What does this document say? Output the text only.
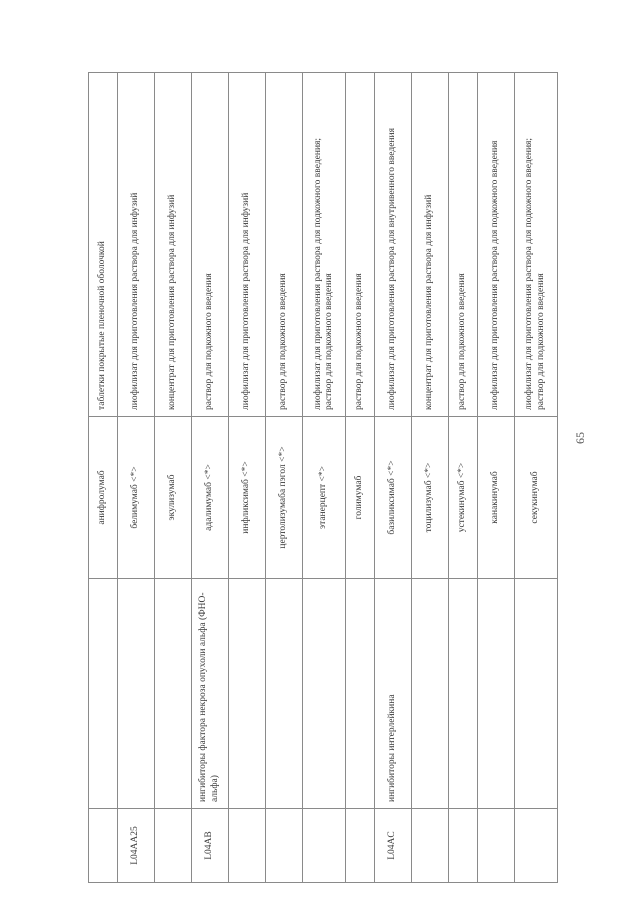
		анифролумаб	таблетки покрытые пленочной оболочкой
L04AA25		белимумаб <*>	лиофилизат для приготовления раствора для инфузий
		экулизумаб	концентрат для приготовления раствора для инфузий
L04AB	ингибиторы фактора некроза опухоли альфа (ФНО-альфа)	адалимумаб <*>	раствор для подкожного введения
		инфликсимаб <*>	лиофилизат для приготовления раствора для инфузий
		цертолизумаба пэгол <*>	раствор для подкожного введения
		этанерцепт <*>	лиофилизат для приготовления раствора для подкожного введения;
раствор для подкожного введения
		голимумаб	раствор для подкожного введения
L04AC	ингибиторы интерлейкина	базиликсимаб <*>	лиофилизат для приготовления раствора для внутривенного введения
		тоцилизумаб <*>	концентрат для приготовления раствора для инфузий
		устекинумаб <*>	раствор для подкожного введения
		канакинумаб	лиофилизат для приготовления раствора для подкожного введения
		секукинумаб	лиофилизат для приготовления раствора для подкожного введения;
раствор для подкожного введения
65
